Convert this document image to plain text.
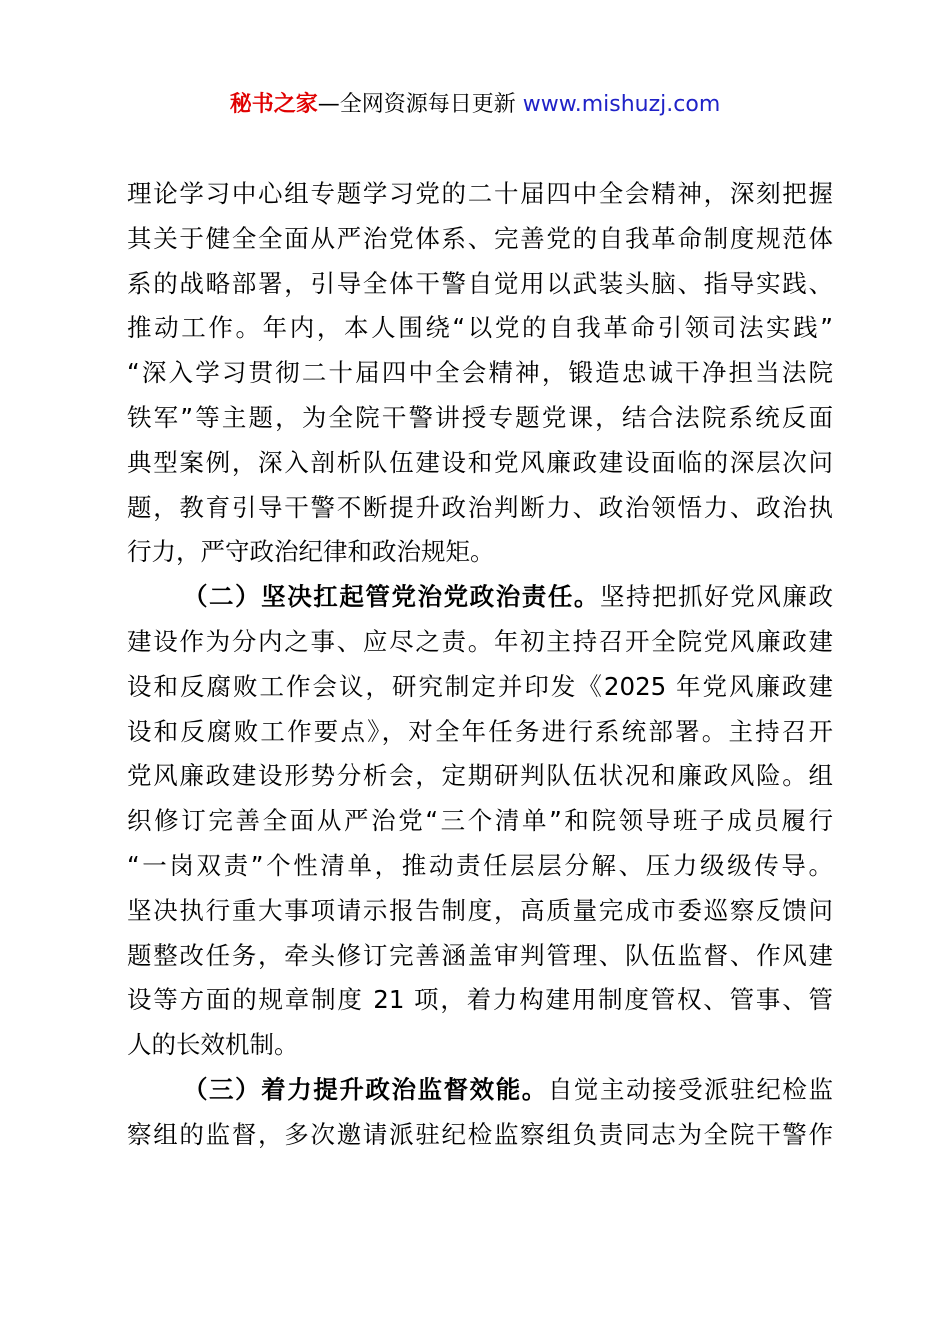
秘书之家—全网资源每日更新 www.mishuzj.com
理论学习中心组专题学习党的二十届四中全会精神，深刻把握
其关于健全全面从严治党体系、完善党的自我革命制度规范体
系的战略部署，引导全体干警自觉用以武装头脑、指导实践、
推动工作。年内，本人围绕“以党的自我革命引领司法实践”
“深入学习贯彻二十届四中全会精神，锻造忠诚干净担当法院
铁军”等主题，为全院干警讲授专题党课，结合法院系统反面
典型案例，深入剖析队伍建设和党风廉政建设面临的深层次问
题，教育引导干警不断提升政治判断力、政治领悟力、政治执
行力，严守政治纪律和政治规矩。
（二）坚决扛起管党治党政治责任。坚持把抓好党风廉政
建设作为分内之事、应尽之责。年初主持召开全院党风廉政建
设和反腐败工作会议，研究制定并印发《2025 年党风廉政建
设和反腐败工作要点》，对全年任务进行系统部署。主持召开
党风廉政建设形势分析会，定期研判队伍状况和廉政风险。组
织修订完善全面从严治党“三个清单”和院领导班子成员履行
“一岗双责”个性清单，推动责任层层分解、压力级级传导。
坚决执行重大事项请示报告制度，高质量完成市委巡察反馈问
题整改任务，牵头修订完善涵盖审判管理、队伍监督、作风建
设等方面的规章制度 21 项，着力构建用制度管权、管事、管
人的长效机制。
（三）着力提升政治监督效能。自觉主动接受派驻纪检监
察组的监督，多次邀请派驻纪检监察组负责同志为全院干警作
